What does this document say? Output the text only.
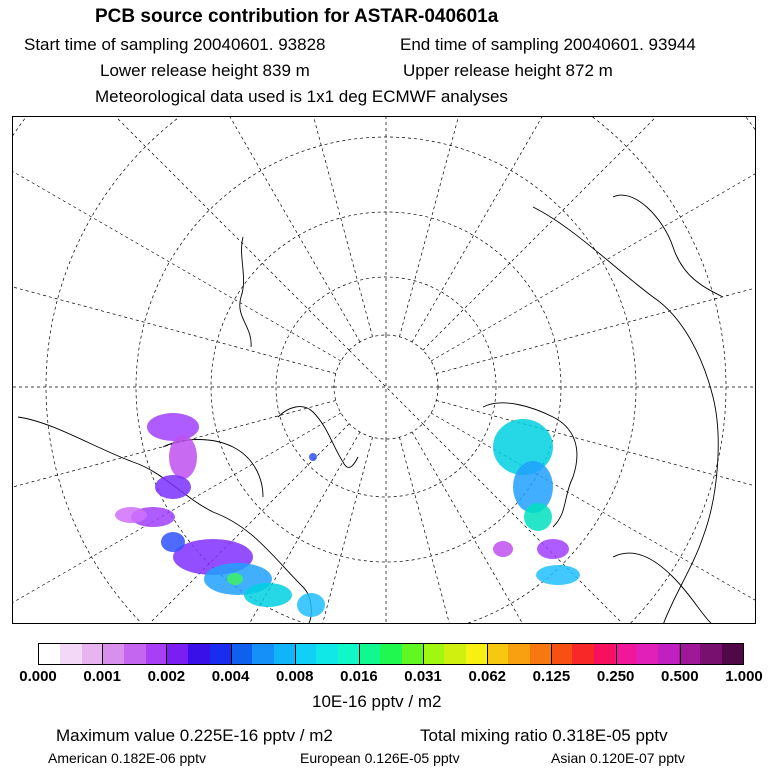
PCB source contribution for ASTAR-040601a
Start time of sampling 20040601. 93828	End time of sampling 20040601. 93944
Lower release height 839 m	Upper release height 872 m
Meteorological data used is 1x1 deg ECMWF analyses
0.000 0.001 0.002 0.004 0.008 0.016 0.031 0.062 0.125 0.250 0.500 1.000
10E-16 pptv / m2
Maximum value 0.225E-16 pptv / m2	Total mixing ratio 0.318E-05 pptv
American 0.182E-06 pptv	European 0.126E-05 pptv	Asian 0.120E-07 pptv
